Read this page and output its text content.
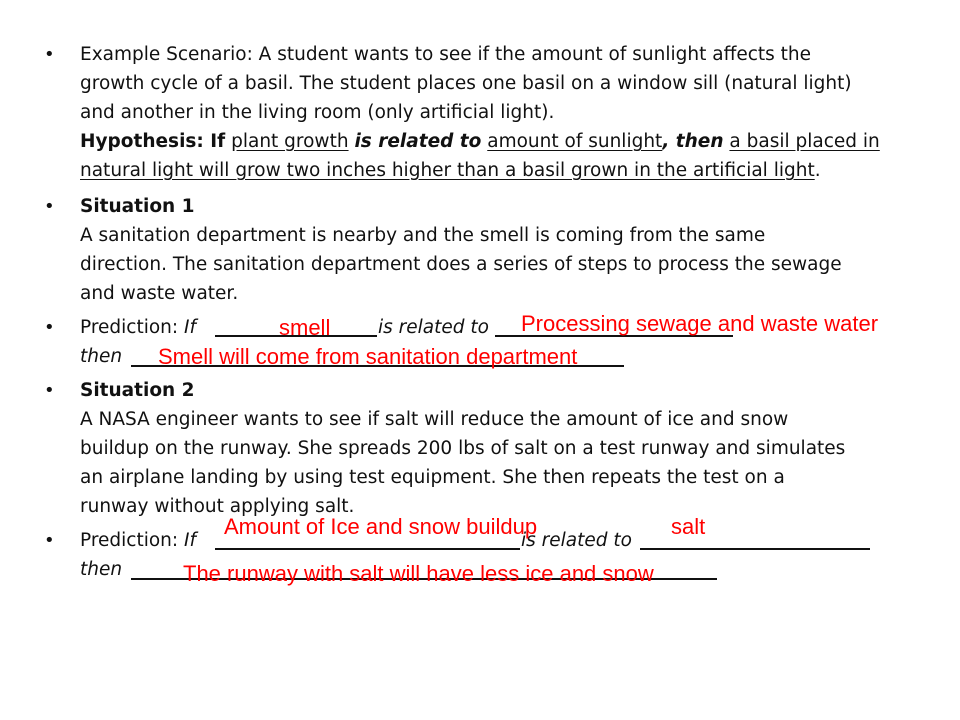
• Example Scenario: A student wants to see if the amount of sunlight affects the
growth cycle of a basil. The student places one basil on a window sill (natural light)
and another in the living room (only artificial light).
Hypothesis: If plant growth is related to amount of sunlight, then a basil placed in
natural light will grow two inches higher than a basil grown in the artificial light.
• Situation 1
A sanitation department is nearby and the smell is coming from the same
direction. The sanitation department does a series of steps to process the sewage
and waste water.
• Prediction: If	is related to
then
smell	Processing sewage and waste water
Smell will come from sanitation department
• Situation 2
A NASA engineer wants to see if salt will reduce the amount of ice and snow
buildup on the runway. She spreads 200 lbs of salt on a test runway and simulates
an airplane landing by using test equipment. She then repeats the test on a
runway without applying salt.
• Prediction: If	is related to
then
Amount of Ice and snow buildup	salt
The runway with salt will have less ice and snow
